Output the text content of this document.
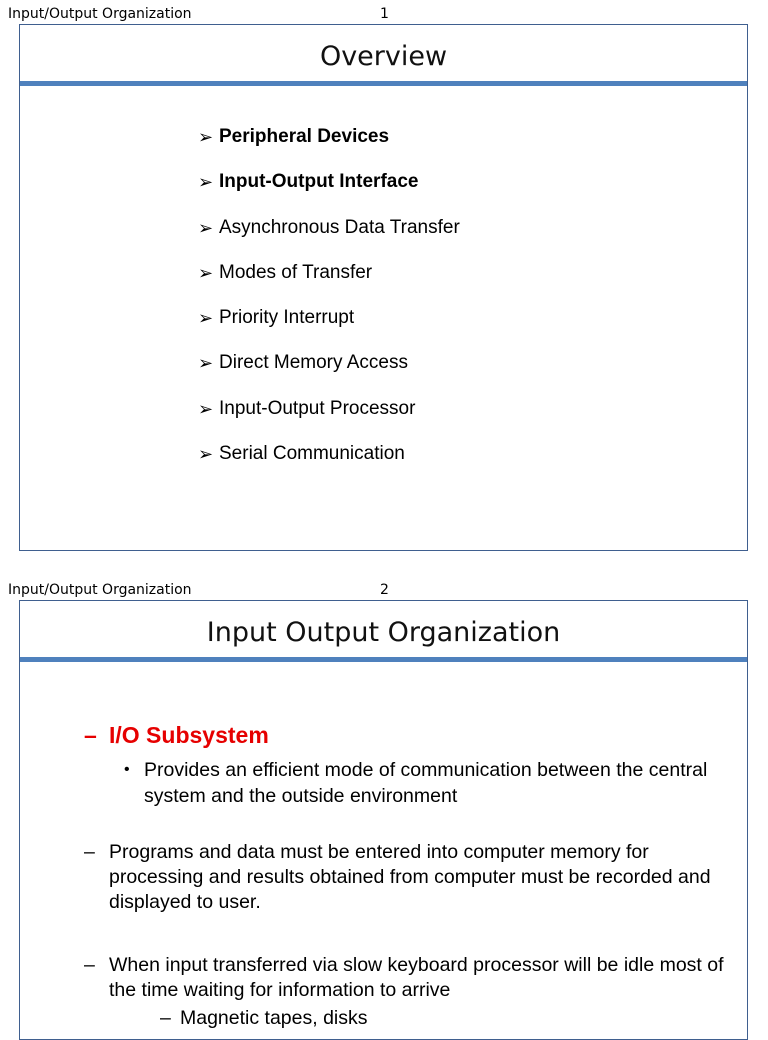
Input/Output Organization	1
Overview
➢ Peripheral Devices
➢ Input-Output Interface
➢ Asynchronous Data Transfer
➢ Modes of Transfer
➢ Priority Interrupt
➢ Direct Memory Access
➢ Input-Output Processor
➢ Serial Communication
Input/Output Organization	2
Input Output Organization
– I/O Subsystem
• Provides an efficient mode of communication between the central system and the outside environment
– Programs and data must be entered into computer memory for processing and results obtained from computer must be recorded and displayed to user.
– When input transferred via slow keyboard processor will be idle most of the time waiting for information to arrive
– Magnetic tapes, disks
